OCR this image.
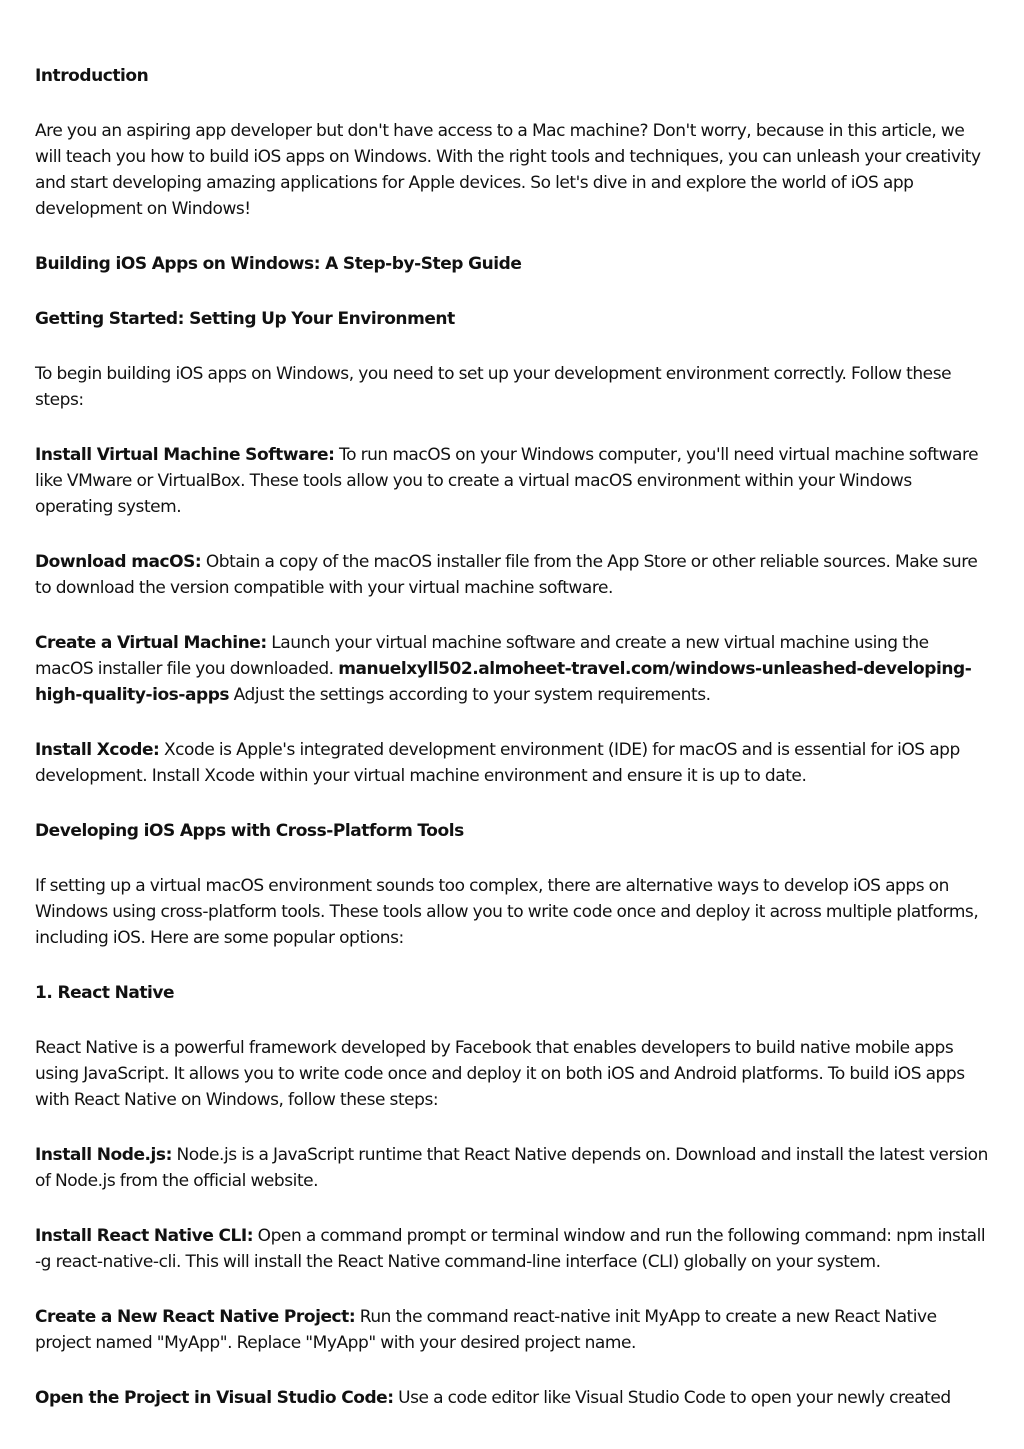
Introduction

Are you an aspiring app developer but don't have access to a Mac machine? Don't worry, because in this article, we will teach you how to build iOS apps on Windows. With the right tools and techniques, you can unleash your creativity and start developing amazing applications for Apple devices. So let's dive in and explore the world of iOS app development on Windows!

Building iOS Apps on Windows: A Step-by-Step Guide

Getting Started: Setting Up Your Environment

To begin building iOS apps on Windows, you need to set up your development environment correctly. Follow these steps:

Install Virtual Machine Software: To run macOS on your Windows computer, you'll need virtual machine software like VMware or VirtualBox. These tools allow you to create a virtual macOS environment within your Windows operating system.

Download macOS: Obtain a copy of the macOS installer file from the App Store or other reliable sources. Make sure to download the version compatible with your virtual machine software.

Create a Virtual Machine: Launch your virtual machine software and create a new virtual machine using the macOS installer file you downloaded. manuelxyll502.almoheet-travel.com/windows-unleashed-developing-high-quality-ios-apps Adjust the settings according to your system requirements.

Install Xcode: Xcode is Apple's integrated development environment (IDE) for macOS and is essential for iOS app development. Install Xcode within your virtual machine environment and ensure it is up to date.

Developing iOS Apps with Cross-Platform Tools

If setting up a virtual macOS environment sounds too complex, there are alternative ways to develop iOS apps on Windows using cross-platform tools. These tools allow you to write code once and deploy it across multiple platforms, including iOS. Here are some popular options:

1. React Native

React Native is a powerful framework developed by Facebook that enables developers to build native mobile apps using JavaScript. It allows you to write code once and deploy it on both iOS and Android platforms. To build iOS apps with React Native on Windows, follow these steps:

Install Node.js: Node.js is a JavaScript runtime that React Native depends on. Download and install the latest version of Node.js from the official website.

Install React Native CLI: Open a command prompt or terminal window and run the following command: npm install -g react-native-cli. This will install the React Native command-line interface (CLI) globally on your system.

Create a New React Native Project: Run the command react-native init MyApp to create a new React Native project named "MyApp". Replace "MyApp" with your desired project name.

Open the Project in Visual Studio Code: Use a code editor like Visual Studio Code to open your newly created
